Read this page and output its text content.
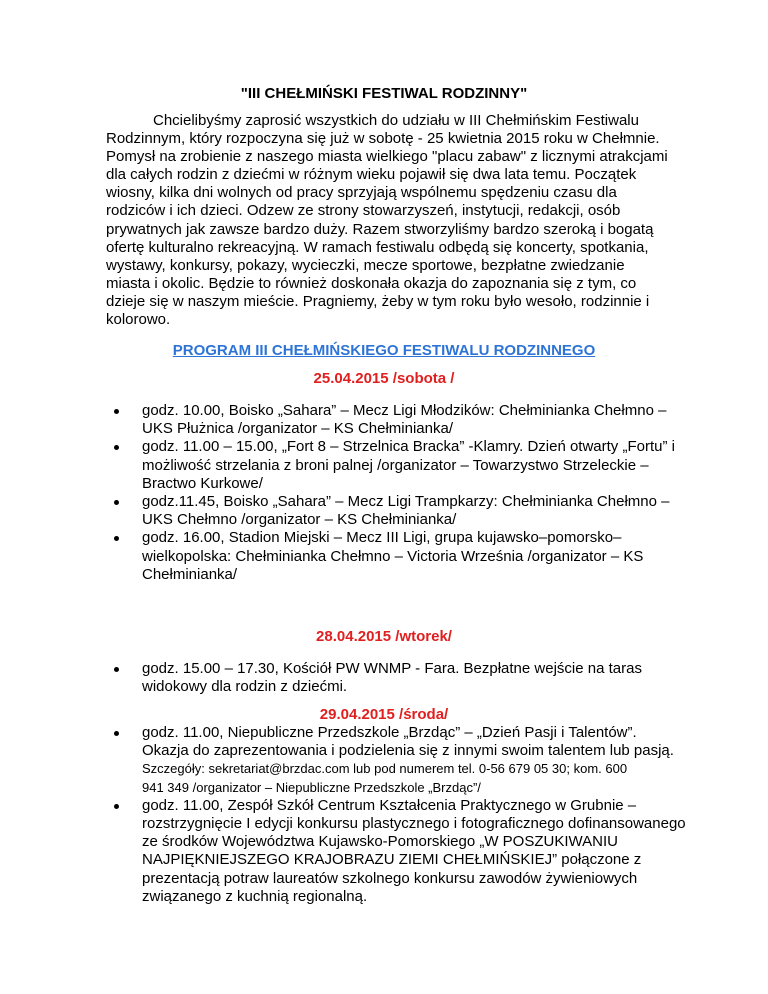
"III CHEŁMIŃSKI FESTIWAL RODZINNY"
Chcielibyśmy zaprosić wszystkich do udziału w III Chełmińskim Festiwalu
Rodzinnym, który rozpoczyna się już w sobotę - 25 kwietnia 2015 roku w Chełmnie.
Pomysł na zrobienie z naszego miasta wielkiego "placu zabaw" z licznymi atrakcjami
dla całych rodzin z dziećmi w różnym wieku pojawił się dwa lata temu. Początek
wiosny, kilka dni wolnych od pracy sprzyjają wspólnemu spędzeniu czasu dla
rodziców i ich dzieci. Odzew ze strony stowarzyszeń, instytucji, redakcji, osób
prywatnych jak zawsze bardzo duży. Razem stworzyliśmy bardzo szeroką i bogatą
ofertę kulturalno rekreacyjną. W ramach festiwalu odbędą się koncerty, spotkania,
wystawy, konkursy, pokazy, wycieczki, mecze sportowe, bezpłatne zwiedzanie
miasta i okolic. Będzie to również doskonała okazja do zapoznania się z tym, co
dzieje się w naszym mieście. Pragniemy, żeby w tym roku było wesoło, rodzinnie i
kolorowo.
PROGRAM III CHEŁMIŃSKIEGO FESTIWALU RODZINNEGO
25.04.2015 /sobota /
godz. 10.00, Boisko „Sahara” – Mecz Ligi Młodzików: Chełminianka Chełmno –
UKS Płużnica /organizator – KS Chełminianka/
godz. 11.00 – 15.00, „Fort 8 – Strzelnica Bracka” -Klamry. Dzień otwarty „Fortu” i
możliwość strzelania z broni palnej /organizator – Towarzystwo Strzeleckie –
Bractwo Kurkowe/
godz.11.45, Boisko „Sahara” – Mecz Ligi Trampkarzy: Chełminianka Chełmno –
UKS Chełmno /organizator – KS Chełminianka/
godz. 16.00, Stadion Miejski – Mecz III Ligi, grupa kujawsko–pomorsko–
wielkopolska: Chełminianka Chełmno – Victoria Września /organizator – KS
Chełminianka/
28.04.2015 /wtorek/
godz. 15.00 – 17.30, Kościół PW WNMP - Fara. Bezpłatne wejście na taras
widokowy dla rodzin z dziećmi.
29.04.2015 /środa/
godz. 11.00, Niepubliczne Przedszkole „Brzdąc” – „Dzień Pasji i Talentów”.
Okazja do zaprezentowania i podzielenia się z innymi swoim talentem lub pasją.
Szczegóły: sekretariat@brzdac.com lub pod numerem tel. 0-56 679 05 30; kom. 600
941 349 /organizator – Niepubliczne Przedszkole „Brzdąc”/
godz. 11.00, Zespół Szkół Centrum Kształcenia Praktycznego w Grubnie –
rozstrzygnięcie I edycji konkursu plastycznego i fotograficznego dofinansowanego
ze środków Województwa Kujawsko-Pomorskiego „W POSZUKIWANIU
NAJPIĘKNIEJSZEGO KRAJOBRAZU ZIEMI CHEŁMIŃSKIEJ” połączone z
prezentacją potraw laureatów szkolnego konkursu zawodów żywieniowych
związanego z kuchnią regionalną.
